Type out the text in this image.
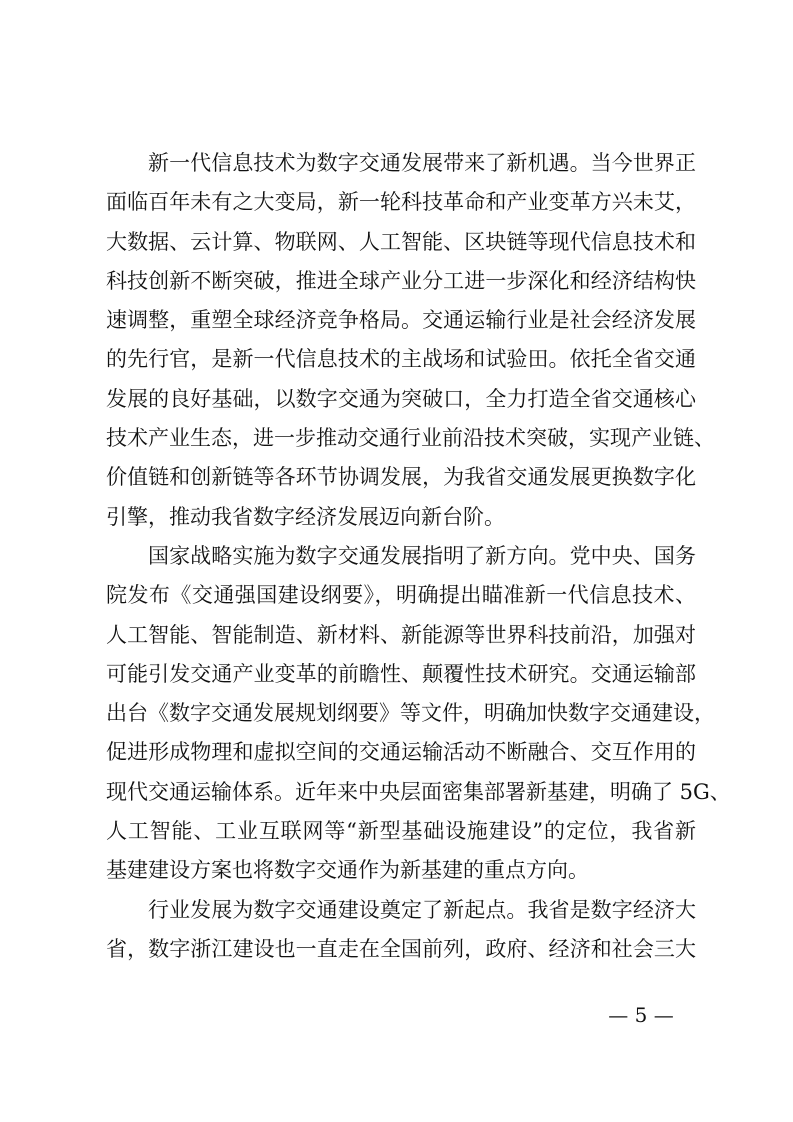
新一代信息技术为数字交通发展带来了新机遇。当今世界正
面临百年未有之大变局，新一轮科技革命和产业变革方兴未艾，
大数据、云计算、物联网、人工智能、区块链等现代信息技术和
科技创新不断突破，推进全球产业分工进一步深化和经济结构快
速调整，重塑全球经济竞争格局。交通运输行业是社会经济发展
的先行官，是新一代信息技术的主战场和试验田。依托全省交通
发展的良好基础，以数字交通为突破口，全力打造全省交通核心
技术产业生态，进一步推动交通行业前沿技术突破，实现产业链、
价值链和创新链等各环节协调发展，为我省交通发展更换数字化
引擎，推动我省数字经济发展迈向新台阶。
国家战略实施为数字交通发展指明了新方向。党中央、国务
院发布《交通强国建设纲要》，明确提出瞄准新一代信息技术、
人工智能、智能制造、新材料、新能源等世界科技前沿，加强对
可能引发交通产业变革的前瞻性、颠覆性技术研究。交通运输部
出台《数字交通发展规划纲要》等文件，明确加快数字交通建设，
促进形成物理和虚拟空间的交通运输活动不断融合、交互作用的
现代交通运输体系。近年来中央层面密集部署新基建，明确了 5G、
人工智能、工业互联网等“新型基础设施建设”的定位，我省新
基建建设方案也将数字交通作为新基建的重点方向。
行业发展为数字交通建设奠定了新起点。我省是数字经济大
省，数字浙江建设也一直走在全国前列，政府、经济和社会三大
— 5 —
